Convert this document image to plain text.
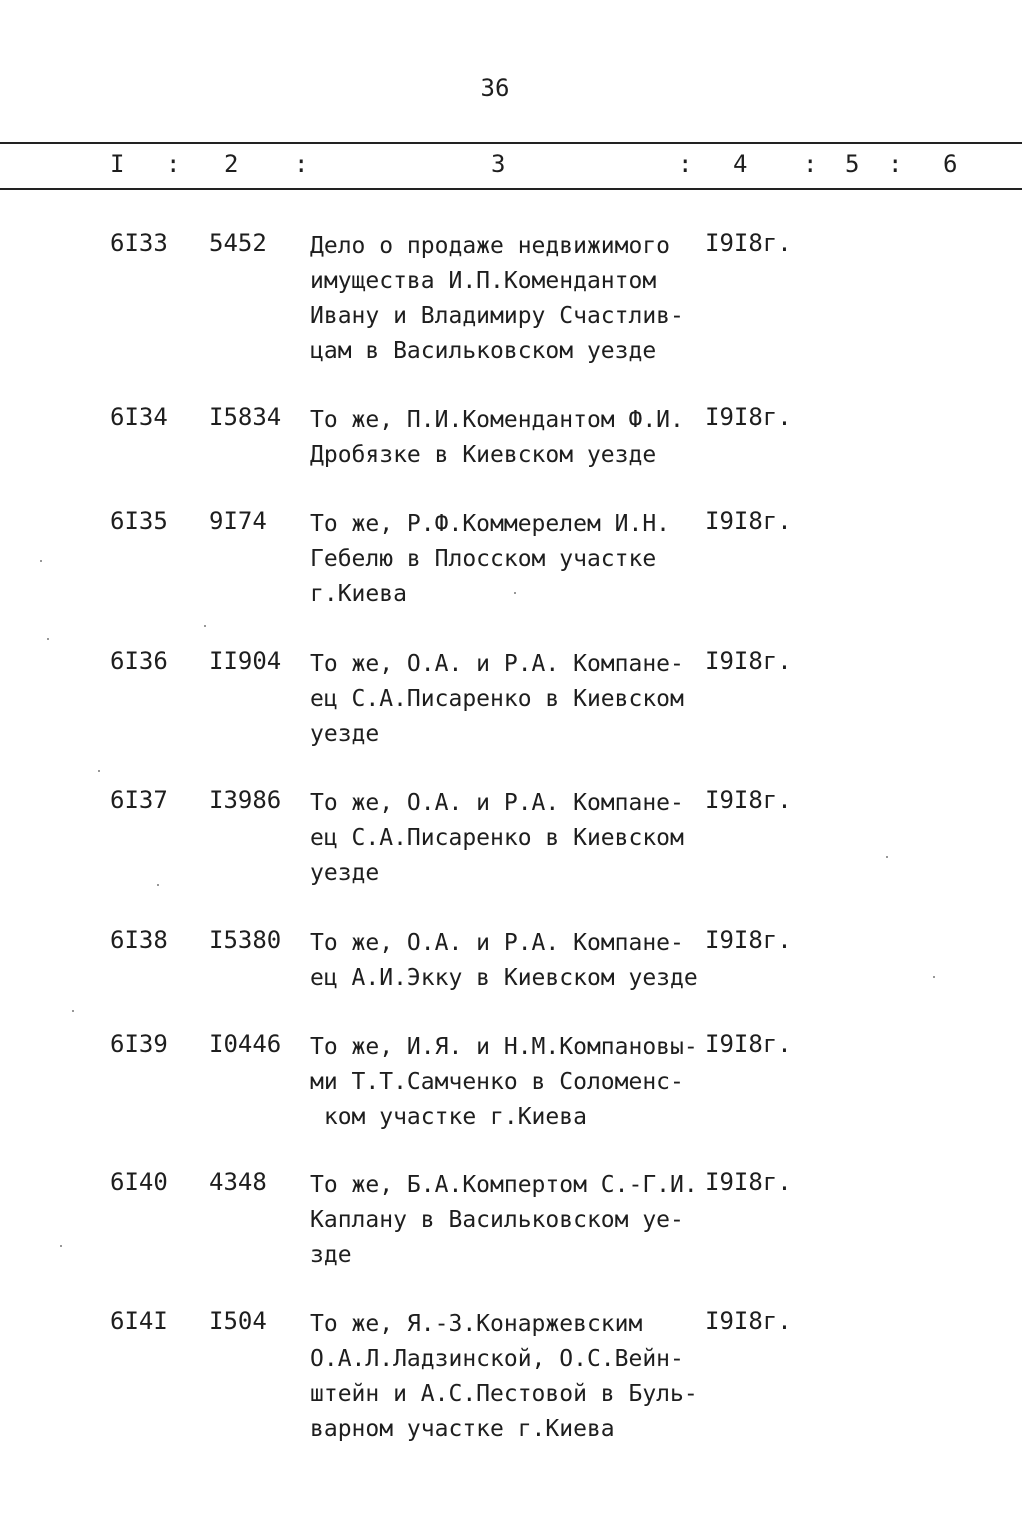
36
I : 2 :	3	: 4 : 5 : 6
6I33 5452 Дело о продаже недвижимого
имущества И.П.Комендантом
Ивану и Владимиру Счастлив-
цам в Васильковском уезде
I9I8г.
6I34 I5834 То же, П.И.Комендантом Ф.И.
Дробязке в Киевском уезде
I9I8г.
6I35 9I74 То же, Р.Ф.Коммерелем И.Н.
Гебелю в Плосском участке
г.Киева
I9I8г.
6I36 II904 То же, О.А. и Р.А. Компане-
ец С.А.Писаренко в Киевском
уезде
I9I8г.
6I37 I3986 То же, О.А. и Р.А. Компане-
ец С.А.Писаренко в Киевском
уезде
I9I8г.
6I38 I5380 То же, О.А. и Р.А. Компане-
ец А.И.Экку в Киевском уезде
I9I8г.
6I39 I0446 То же, И.Я. и Н.М.Компановы-
ми Т.Т.Самченко в Соломенс-
ком участке г.Киева
I9I8г.
6I40 4348 То же, Б.А.Компертом С.-Г.И.
Каплану в Васильковском уе-
зде
I9I8г.
6I4I I504 То же, Я.-З.Конаржевским
О.А.Л.Ладзинской, О.С.Вейн-
штейн и А.С.Пестовой в Буль-
варном участке г.Киева
I9I8г.
